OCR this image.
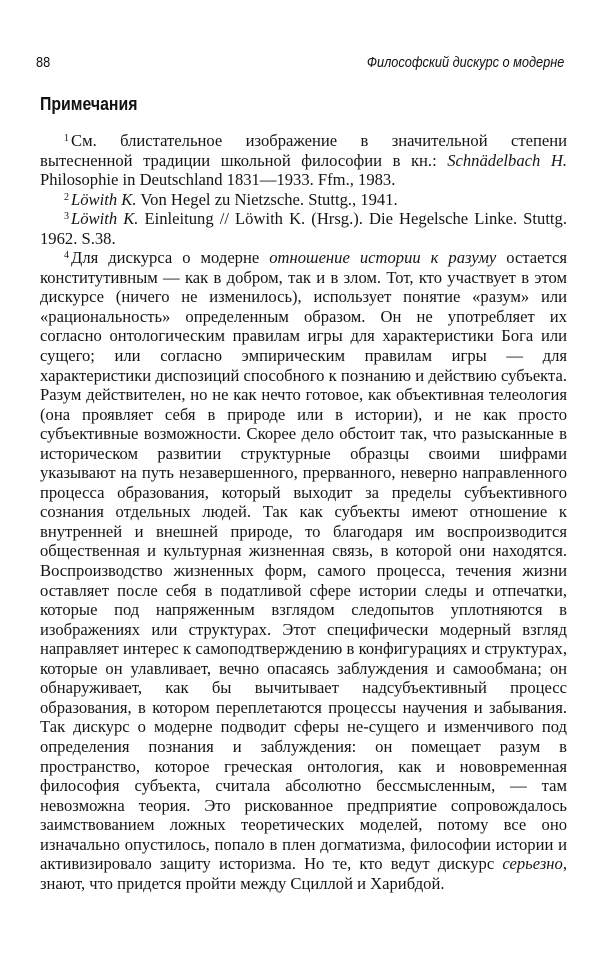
88	Философский дискурс о модерне
Примечания

$^1$ См. блистательное изображение в значительной степени вытесненной традиции школьной философии в кн.: Schnädelbach H. Philosophie in Deutschland 1831—1933. Ffm., 1983.

$^2$ Löwith K. Von Hegel zu Nietzsche. Stuttg., 1941.

$^3$ Löwith K. Einleitung // Löwith K. (Hrsg.). Die Hegelsche Linke. Stuttg. 1962. S.38.

$^4$ Для дискурса о модерне отношение истории к разуму остается конститутивным — как в добром, так и в злом. Тот, кто участвует в этом дискурсе (ничего не изменилось), использует понятие «разум» или «рациональность» определенным образом. Он не употребляет их согласно онтологическим правилам игры для характеристики Бога или сущего; или согласно эмпирическим правилам игры — для характеристики диспозиций способного к познанию и действию субъекта. Разум действителен, но не как нечто готовое, как объективная телеология (она проявляет себя в природе или в истории), и не как просто субъективные возможности. Скорее дело обстоит так, что разысканные в историческом развитии структурные образцы своими шифрами указывают на путь незавершенного, прерванного, неверно направленного процесса образования, который выходит за пределы субъективного сознания отдельных людей. Так как субъекты имеют отношение к внутренней и внешней природе, то благодаря им воспроизводится общественная и культурная жизненная связь, в которой они находятся. Воспроизводство жизненных форм, самого процесса, течения жизни оставляет после себя в податливой сфере истории следы и отпечатки, которые под напряженным взглядом следопытов уплотняются в изображениях или структурах. Этот специфически модерный взгляд направляет интерес к самоподтверждению в конфигурациях и структурах, которые он улавливает, вечно опасаясь заблуждения и самообмана; он обнаруживает, как бы вычитывает надсубъективный процесс образования, в котором переплетаются процессы научения и забывания. Так дискурс о модерне подводит сферы не-сущего и изменчивого под определения познания и заблуждения: он помещает разум в пространство, которое греческая онтология, как и нововременная философия субъекта, считала абсолютно бессмысленным, — там невозможна теория. Это рискованное предприятие сопровождалось заимствованием ложных теоретических моделей, потому все оно изначально опустилось, попало в плен догматизма, философии истории и активизировало защиту историзма. Но те, кто ведут дискурс серьезно, знают, что придется пройти между Сциллой и Харибдой.
